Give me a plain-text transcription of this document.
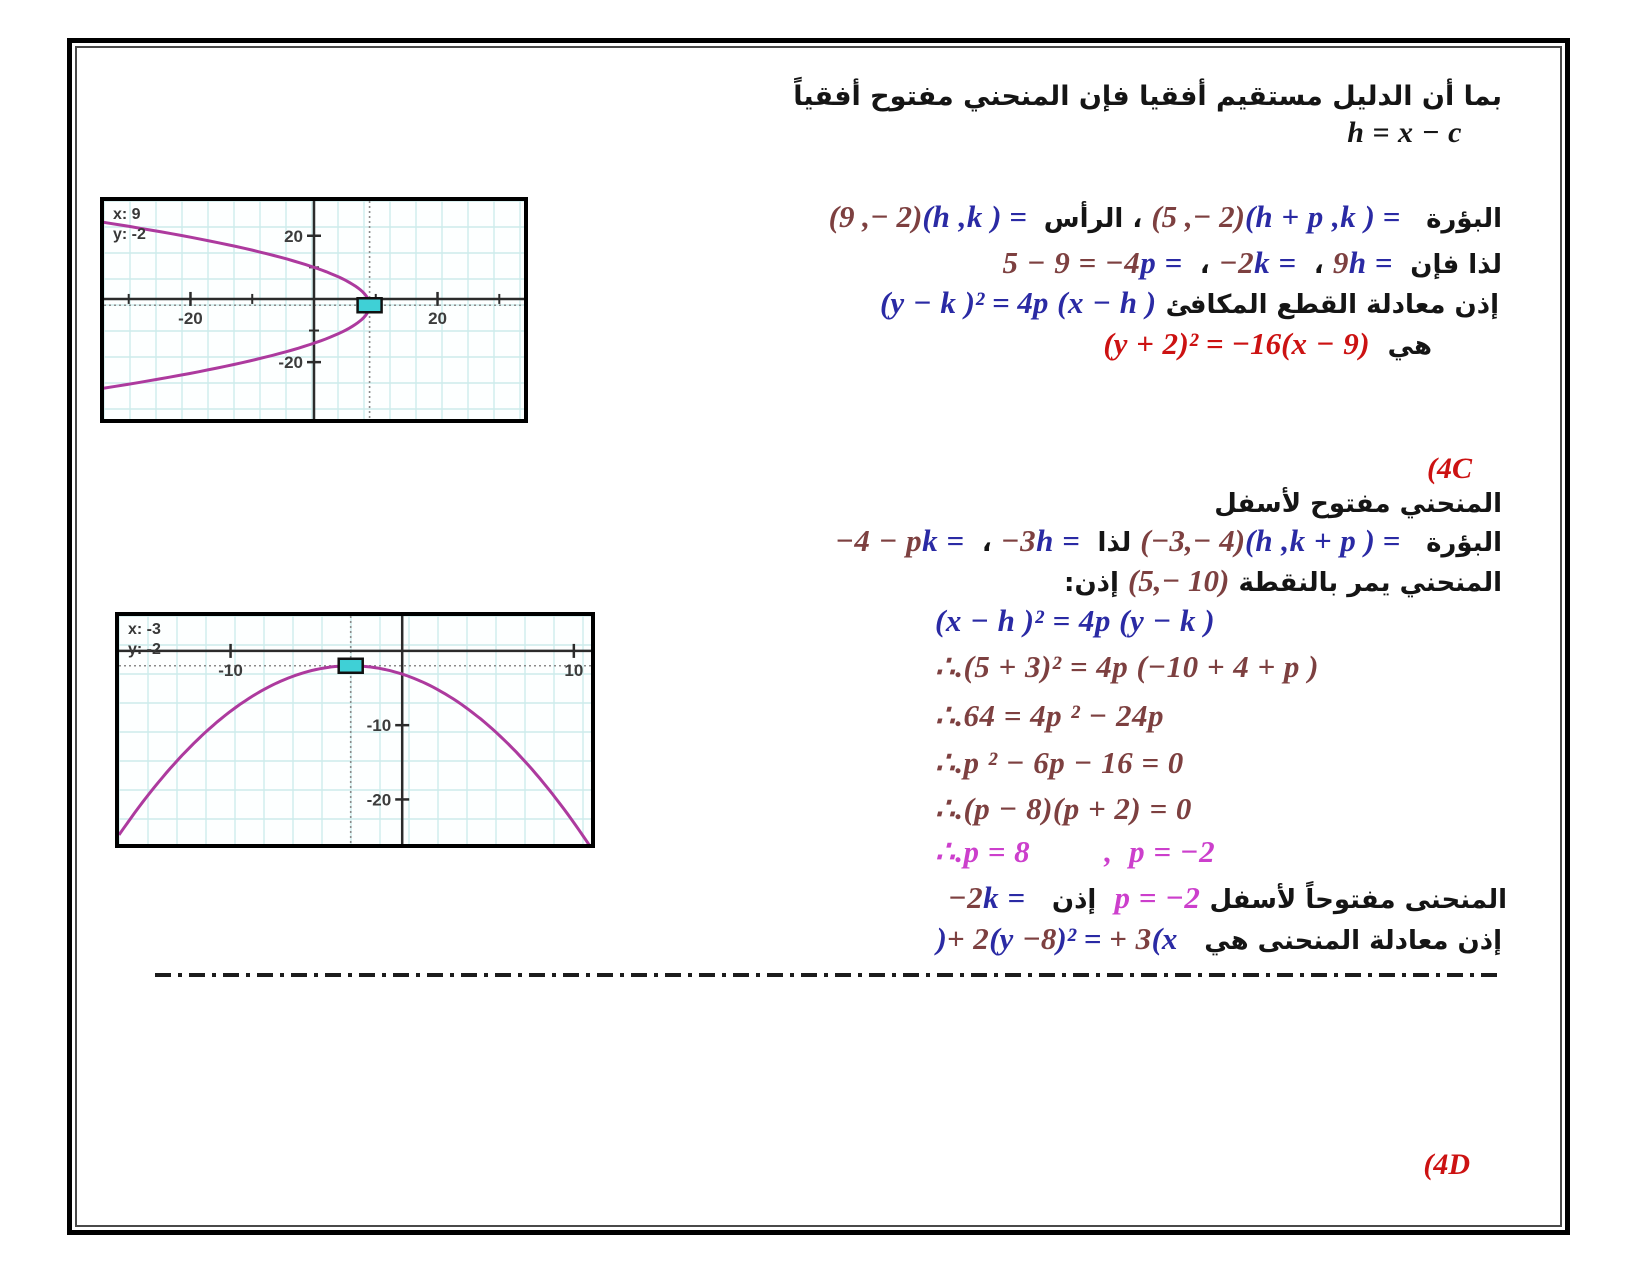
بما أن الدليل مستقيم أفقيا فإن المنحني مفتوح أفقياً
h = x − c
-20	20
20
-20
x: 9
y: -2
البؤرة  (h + p ,k ) = (5 ,− 2) ، الرأس (h ,k ) = (9 ,− 2)
لذا فإن h = 9 ، k = −2 ، p = 5 − 9 = −4
إذن معادلة القطع المكافئ (y − k )² = 4p (x − h )
هي  (y + 2)² = −16(x − 9)
(4C
المنحني مفتوح لأسفل
البؤرة  (h ,k + p ) = (−3,− 4) لذا h = −3 ، k = −4 − p
المنحني يمر بالنقطة (5,− 10) إذن:
-10	10
-10
-20
x: -3
y: -2
(x − h )² = 4p (y − k )
∴.(5 + 3)² = 4p (−10 + 4 + p )
∴.64 = 4p ² − 24p
∴.p ² − 6p − 16 = 0
∴.(p − 8)(p + 2) = 0
∴.p = 8         ,  p = −2
المنحنى مفتوحاً لأسفل p = −2  إذن  k = −2
إذن معادلة المنحنى هي  (x + 3)² = −8(y + 2)
(4D
